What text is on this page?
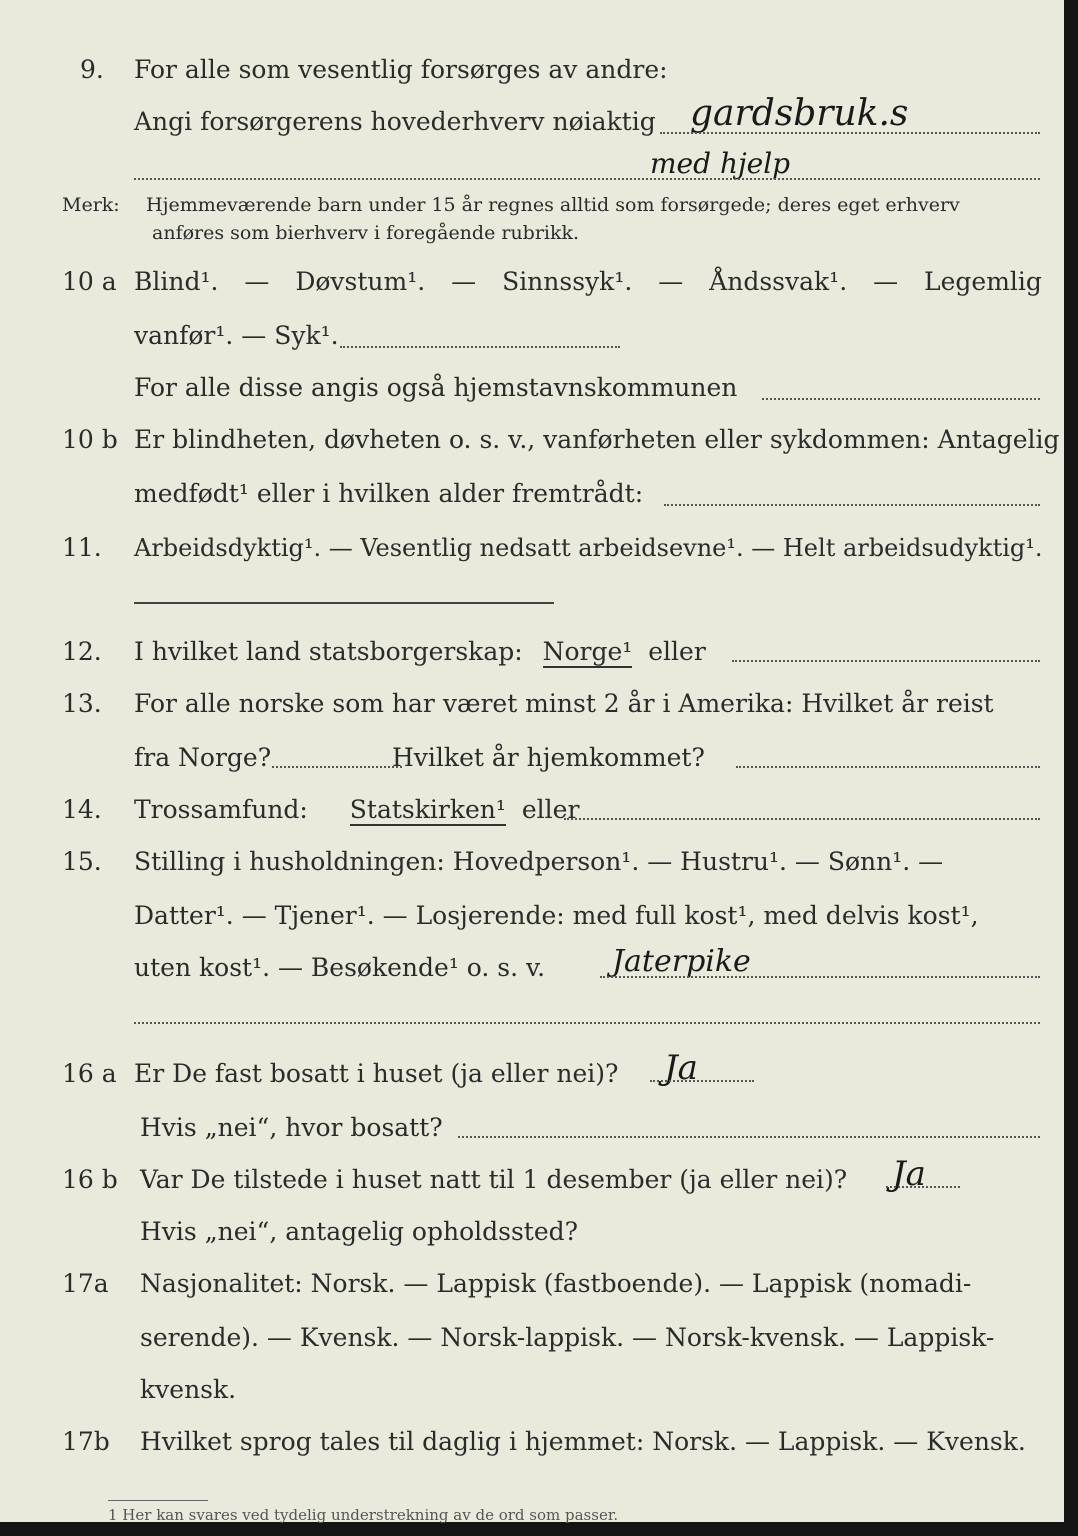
9.	For alle som vesentlig forsørges av andre:
Angi forsørgerens hovederhverv nøiaktig gardsbruk.s
med hjelp
Merk: Hjemmeværende barn under 15 år regnes alltid som forsørgede; deres eget erhverv
anføres som bierhverv i foregående rubrikk.
10 a Blind¹. — Døvstum¹. — Sinnssyk¹. — Åndssvak¹. — Legemlig
vanfør¹. — Syk¹.
For alle disse angis også hjemstavnskommunen
10 b Er blindheten, døvheten o. s. v., vanførheten eller sykdommen: Antagelig
medfødt¹ eller i hvilken alder fremtrådt:
11.	Arbeidsdyktig¹. — Vesentlig nedsatt arbeidsevne¹. — Helt arbeidsudyktig¹.
12.	I hvilket land statsborgerskap: Norge¹ eller
13.	For alle norske som har været minst 2 år i Amerika: Hvilket år reist
fra Norge?	Hvilket år hjemkommet?
14.	Trossamfund: Statskirken¹ eller
15.	Stilling i husholdningen: Hovedperson¹. — Hustru¹. — Sønn¹. —
Datter¹. — Tjener¹. — Losjerende: med full kost¹, med delvis kost¹,
uten kost¹. — Besøkende¹ o. s. v.	Jaterpike
16 a Er De fast bosatt i huset (ja eller nei)?	Ja
Hvis „nei“, hvor bosatt?
16 b Var De tilstede i huset natt til 1 desember (ja eller nei)?	Ja
Hvis „nei“, antagelig opholdssted?
17a	Nasjonalitet: Norsk. — Lappisk (fastboende). — Lappisk (nomadi-
serende). — Kvensk. — Norsk-lappisk. — Norsk-kvensk. — Lappisk-
kvensk.
17b	Hvilket sprog tales til daglig i hjemmet: Norsk. — Lappisk. — Kvensk.
1 Her kan svares ved tydelig understrekning av de ord som passer.
